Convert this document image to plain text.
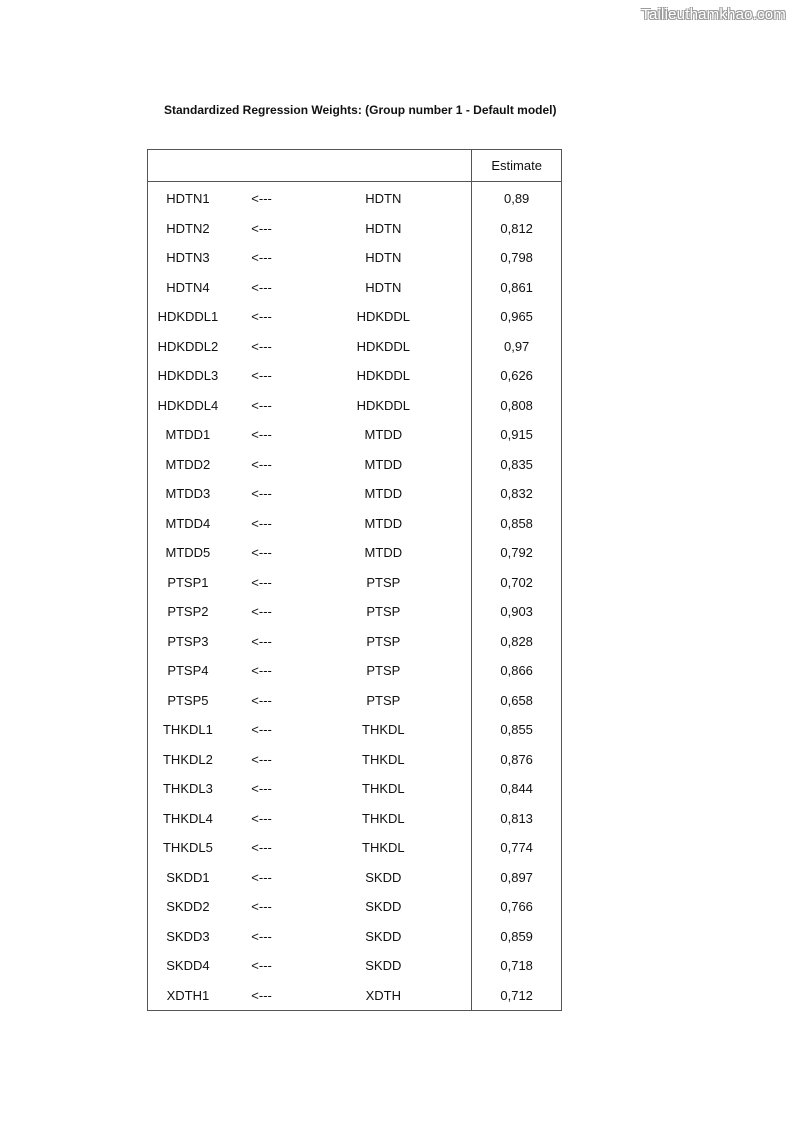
Tailieuthamkhao.com
Standardized Regression Weights: (Group number 1 - Default model)
			Estimate
HDTN1	<---	HDTN	0,89
HDTN2	<---	HDTN	0,812
HDTN3	<---	HDTN	0,798
HDTN4	<---	HDTN	0,861
HDKDDL1	<---	HDKDDL	0,965
HDKDDL2	<---	HDKDDL	0,97
HDKDDL3	<---	HDKDDL	0,626
HDKDDL4	<---	HDKDDL	0,808
MTDD1	<---	MTDD	0,915
MTDD2	<---	MTDD	0,835
MTDD3	<---	MTDD	0,832
MTDD4	<---	MTDD	0,858
MTDD5	<---	MTDD	0,792
PTSP1	<---	PTSP	0,702
PTSP2	<---	PTSP	0,903
PTSP3	<---	PTSP	0,828
PTSP4	<---	PTSP	0,866
PTSP5	<---	PTSP	0,658
THKDL1	<---	THKDL	0,855
THKDL2	<---	THKDL	0,876
THKDL3	<---	THKDL	0,844
THKDL4	<---	THKDL	0,813
THKDL5	<---	THKDL	0,774
SKDD1	<---	SKDD	0,897
SKDD2	<---	SKDD	0,766
SKDD3	<---	SKDD	0,859
SKDD4	<---	SKDD	0,718
XDTH1	<---	XDTH	0,712
